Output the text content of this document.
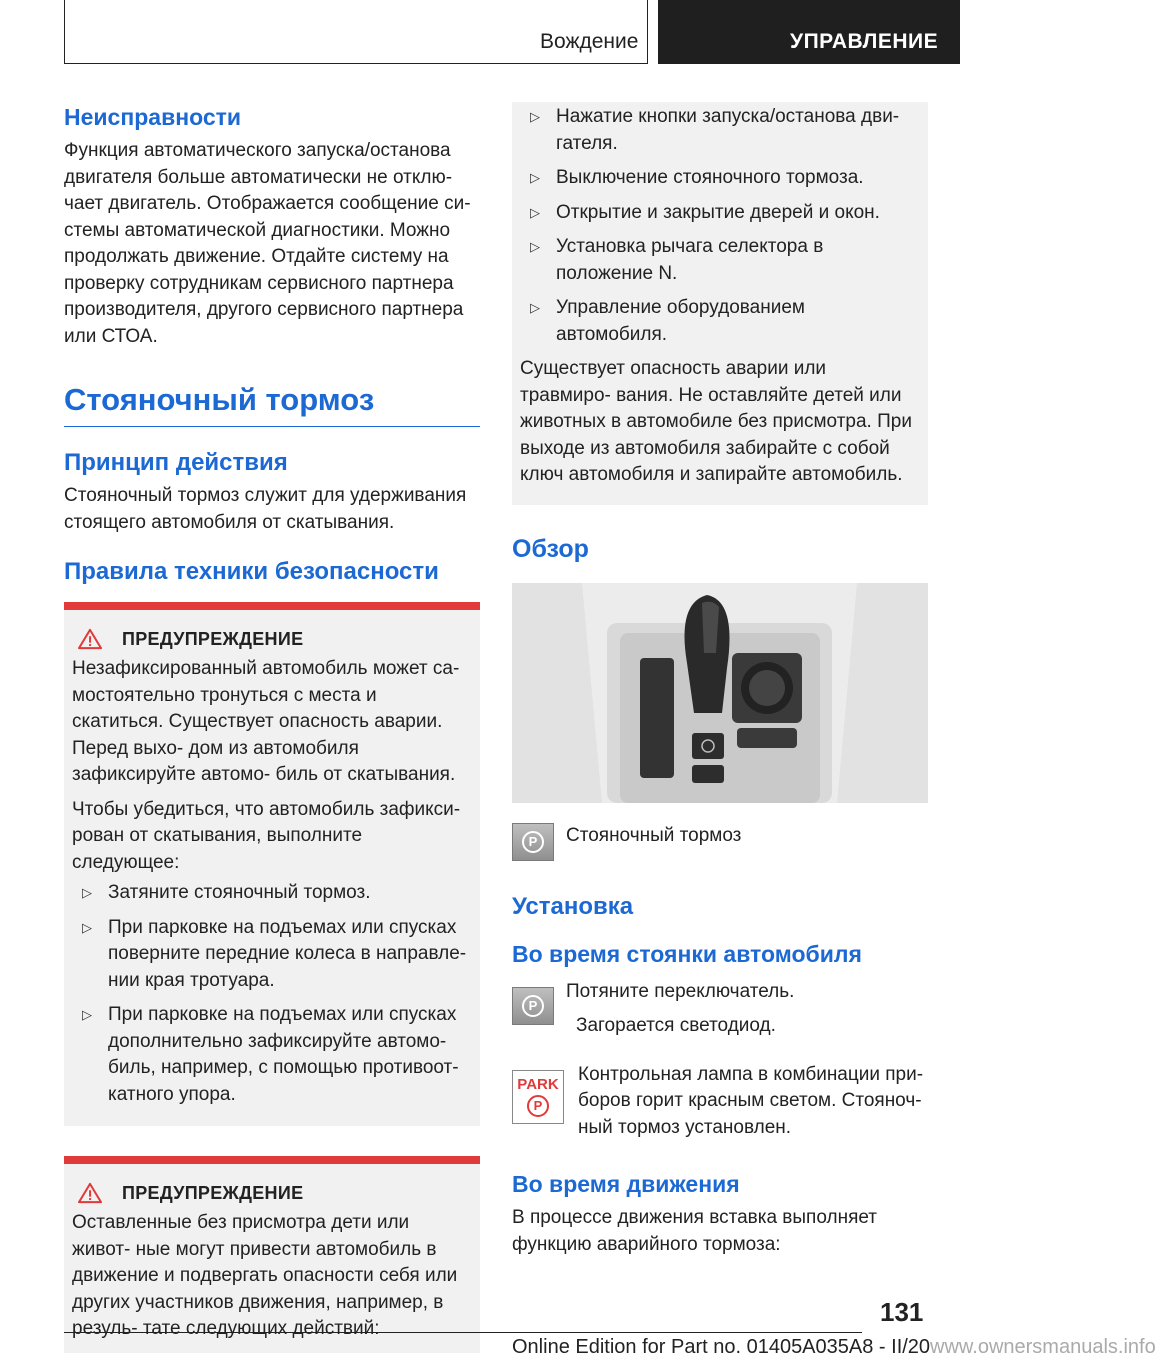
Вождение	УПРАВЛЕНИЕ
Неисправности

Функция автоматического запуска/останова двигателя больше автоматически не отклю- чает двигатель. Отображается сообщение си- стемы автоматической диагностики. Можно продолжать движение. Отдайте систему на проверку сотрудникам сервисного партнера производителя, другого сервисного партнера или СТОА.

Стояночный тормоз
Принцип действия

Стояночный тормоз служит для удерживания стоящего автомобиля от скатывания.

Правила техники безопасности
ПРЕДУПРЕЖДЕНИЕ

Незафиксированный автомобиль может са- мостоятельно тронуться с места и скатиться. Существует опасность аварии. Перед выхо- дом из автомобиля зафиксируйте автомо- биль от скатывания.

Чтобы убедиться, что автомобиль зафикси- рован от скатывания, выполните следующее:

▷ Затяните стояночный тормоз.
▷ При парковке на подъемах или спусках поверните передние колеса в направле- нии края тротуара.
▷ При парковке на подъемах или спусках дополнительно зафиксируйте автомо- биль, например, с помощью противоот- катного упора.
ПРЕДУПРЕЖДЕНИЕ

Оставленные без присмотра дети или живот- ные могут привести автомобиль в движение и подвергать опасности себя или других участников движения, например, в резуль- тате следующих действий:

▷ Нажатие кнопки запуска/останова дви- гателя.
▷ Выключение стояночного тормоза.
▷ Открытие и закрытие дверей и окон.
▷ Установка рычага селектора в положение N.
▷ Управление оборудованием автомобиля.

Существует опасность аварии или травмиро- вания. Не оставляйте детей или животных в автомобиле без присмотра. При выходе из автомобиля забирайте с собой ключ автомобиля и запирайте автомобиль.

Обзор
P	Стояночный тормоз

Установка
Во время стоянки автомобиля
P

Потяните переключатель.

Загорается светодиод.

PARK
P

Контрольная лампа в комбинации при- боров горит красным светом. Стояноч- ный тормоз установлен.

Во время движения

В процессе движения вставка выполняет функцию аварийного тормоза:

131
Online Edition for Part no. 01405A035A8 - II/20www.ownersmanuals.info
